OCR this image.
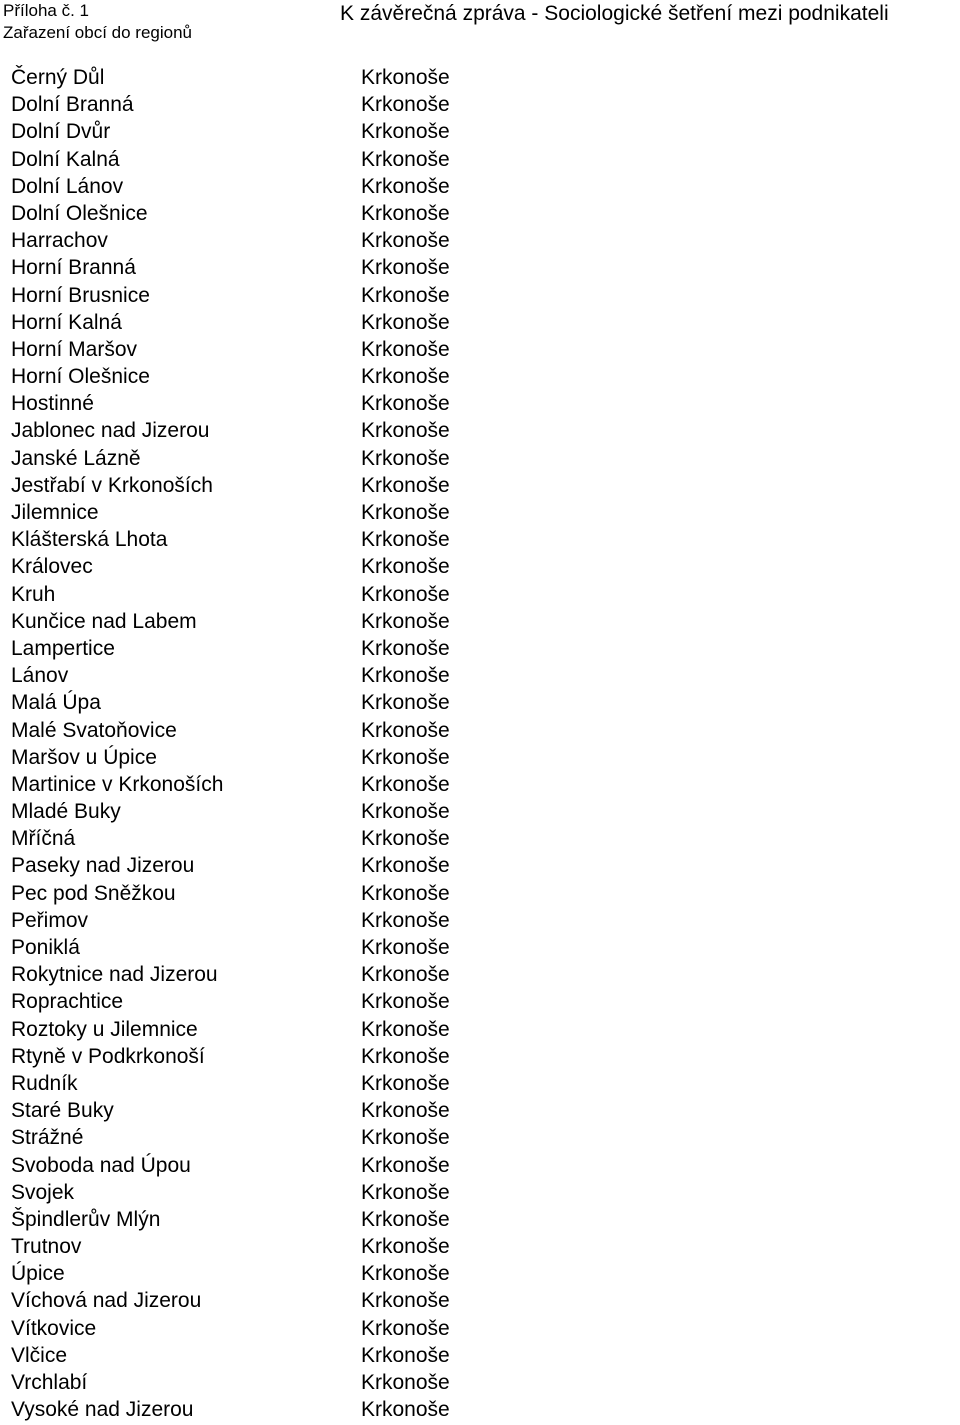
Příloha č. 1
Zařazení obcí do regionů
K závěrečná zpráva - Sociologické šetření mezi podnikateli
Černý Důl	Krkonoše
Dolní Branná	Krkonoše
Dolní Dvůr	Krkonoše
Dolní Kalná	Krkonoše
Dolní Lánov	Krkonoše
Dolní Olešnice	Krkonoše
Harrachov	Krkonoše
Horní Branná	Krkonoše
Horní Brusnice	Krkonoše
Horní Kalná	Krkonoše
Horní Maršov	Krkonoše
Horní Olešnice	Krkonoše
Hostinné	Krkonoše
Jablonec nad Jizerou	Krkonoše
Janské Lázně	Krkonoše
Jestřabí v Krkonoších	Krkonoše
Jilemnice	Krkonoše
Klášterská Lhota	Krkonoše
Královec	Krkonoše
Kruh	Krkonoše
Kunčice nad Labem	Krkonoše
Lampertice	Krkonoše
Lánov	Krkonoše
Malá Úpa	Krkonoše
Malé Svatoňovice	Krkonoše
Maršov u Úpice	Krkonoše
Martinice v Krkonoších	Krkonoše
Mladé Buky	Krkonoše
Mříčná	Krkonoše
Paseky nad Jizerou	Krkonoše
Pec pod Sněžkou	Krkonoše
Peřimov	Krkonoše
Poniklá	Krkonoše
Rokytnice nad Jizerou	Krkonoše
Roprachtice	Krkonoše
Roztoky u Jilemnice	Krkonoše
Rtyně v Podkrkonoší	Krkonoše
Rudník	Krkonoše
Staré Buky	Krkonoše
Strážné	Krkonoše
Svoboda nad Úpou	Krkonoše
Svojek	Krkonoše
Špindlerův Mlýn	Krkonoše
Trutnov	Krkonoše
Úpice	Krkonoše
Víchová nad Jizerou	Krkonoše
Vítkovice	Krkonoše
Vlčice	Krkonoše
Vrchlabí	Krkonoše
Vysoké nad Jizerou	Krkonoše
